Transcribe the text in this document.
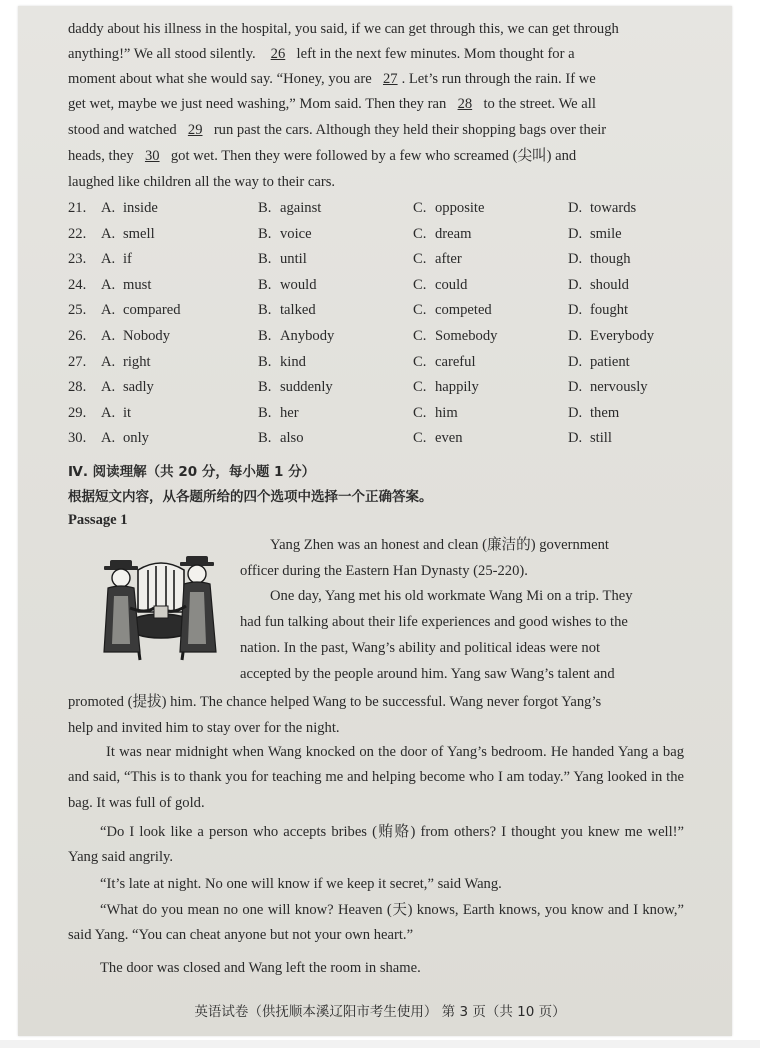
daddy about his illness in the hospital, you said, if we can get through this, we can get through
anything!” We all stood silently. 26 left in the next few minutes. Mom thought for a
moment about what she would say. “Honey, you are 27 . Let’s run through the rain. If we
get wet, maybe we just need washing,” Mom said. Then they ran 28 to the street. We all
stood and watched 29 run past the cars. Although they held their shopping bags over their
heads, they 30 got wet. Then they were followed by a few who screamed (尖叫) and
laughed like children all the way to their cars.
21. A. inside	B. against	C. opposite	D. towards
22. A. smell	B. voice	C. dream	D. smile
23. A. if	B. until	C. after	D. though
24. A. must	B. would	C. could	D. should
25. A. compared	B. talked	C. competed	D. fought
26. A. Nobody	B. Anybody	C. Somebody	D. Everybody
27. A. right	B. kind	C. careful	D. patient
28. A. sadly	B. suddenly	C. happily	D. nervously
29. A. it	B. her	C. him	D. them
30. A. only	B. also	C. even	D. still
Ⅳ. 阅读理解（共 20 分，每小题 1 分）
根据短文内容，从各题所给的四个选项中选择一个正确答案。
Passage 1
Yang Zhen was an honest and clean (廉洁的) government
officer during the Eastern Han Dynasty (25-220).
One day, Yang met his old workmate Wang Mi on a trip. They
had fun talking about their life experiences and good wishes to the
nation. In the past, Wang’s ability and political ideas were not
accepted by the people around him. Yang saw Wang’s talent and
promoted (提拔) him. The chance helped Wang to be successful. Wang never forgot Yang’s
help and invited him to stay over for the night.
It was near midnight when Wang knocked on the door of Yang’s bedroom. He handed Yang a bag and said, “This is to thank you for teaching me and helping become who I am today.” Yang looked in the bag. It was full of gold.
“Do I look like a person who accepts bribes (贿赂) from others? I thought you knew me well!” Yang said angrily.
“It’s late at night. No one will know if we keep it secret,” said Wang.
“What do you mean no one will know? Heaven (天) knows, Earth knows, you know and I know,” said Yang. “You can cheat anyone but not your own heart.”
The door was closed and Wang left the room in shame.
英语试卷（供抚顺本溪辽阳市考生使用） 第 3 页（共 10 页）
